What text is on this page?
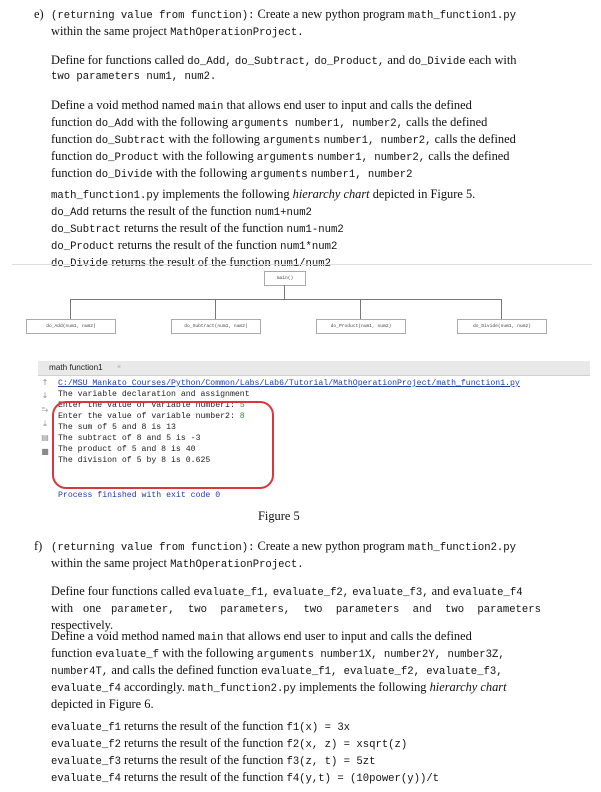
e) (returning value from function): Create a new python program math_function1.py

within the same project MathOperationProject.

Define for functions called do_Add, do_Subtract, do_Product, and do_Divide each with

two parameters num1, num2.

Define a void method named main that allows end user to input and calls the defined

function do_Add with the following arguments number1, number2, calls the defined

function do_Subtract with the following arguments number1, number2, calls the defined

function do_Product with the following arguments number1, number2, calls the defined

function do_Divide with the following arguments number1, number2

math_function1.py implements the following hierarchy chart depicted in Figure 5.

do_Add returns the result of the function num1+num2

do_Subtract returns the result of the function num1-num2

do_Product returns the result of the function num1*num2

do_Divide returns the result of the function num1/num2

main()
do_Add(num1, num2)	do_Subtract(num1, num2)	do_Product(num1, num2)	do_Divide(num1, num2)
math function1 ×
↑
↓
⥱
⤓
▤
■
C:/MSU Mankato Courses/Python/Common/Labs/Lab6/Tutorial/MathOperationProject/math_function1.py
The variable declaration and assignment
Enter the value of variable number1: 5
Enter the value of variable number2: 8
The sum of 5 and 8 is 13
The subtract of 8 and 5 is -3
The product of 5 and 8 is 40
The division of 5 by 8 is 0.625
Process finished with exit code 0
Figure 5
f) (returning value from function): Create a new python program math_function2.py

within the same project MathOperationProject.

Define four functions called evaluate_f1, evaluate_f2, evaluate_f3, and evaluate_f4

with one parameter, two parameters, two parameters and two parameters respectively.

Define a void method named main that allows end user to input and calls the defined

function evaluate_f with the following arguments number1X, number2Y, number3Z,

number4T, and calls the defined function evaluate_f1, evaluate_f2, evaluate_f3,

evaluate_f4 accordingly. math_function2.py implements the following hierarchy chart

depicted in Figure 6.

evaluate_f1 returns the result of the function f1(x) = 3x

evaluate_f2 returns the result of the function f2(x, z) = xsqrt(z)

evaluate_f3 returns the result of the function f3(z, t) = 5zt

evaluate_f4 returns the result of the function f4(y,t) = (10power(y))/t
